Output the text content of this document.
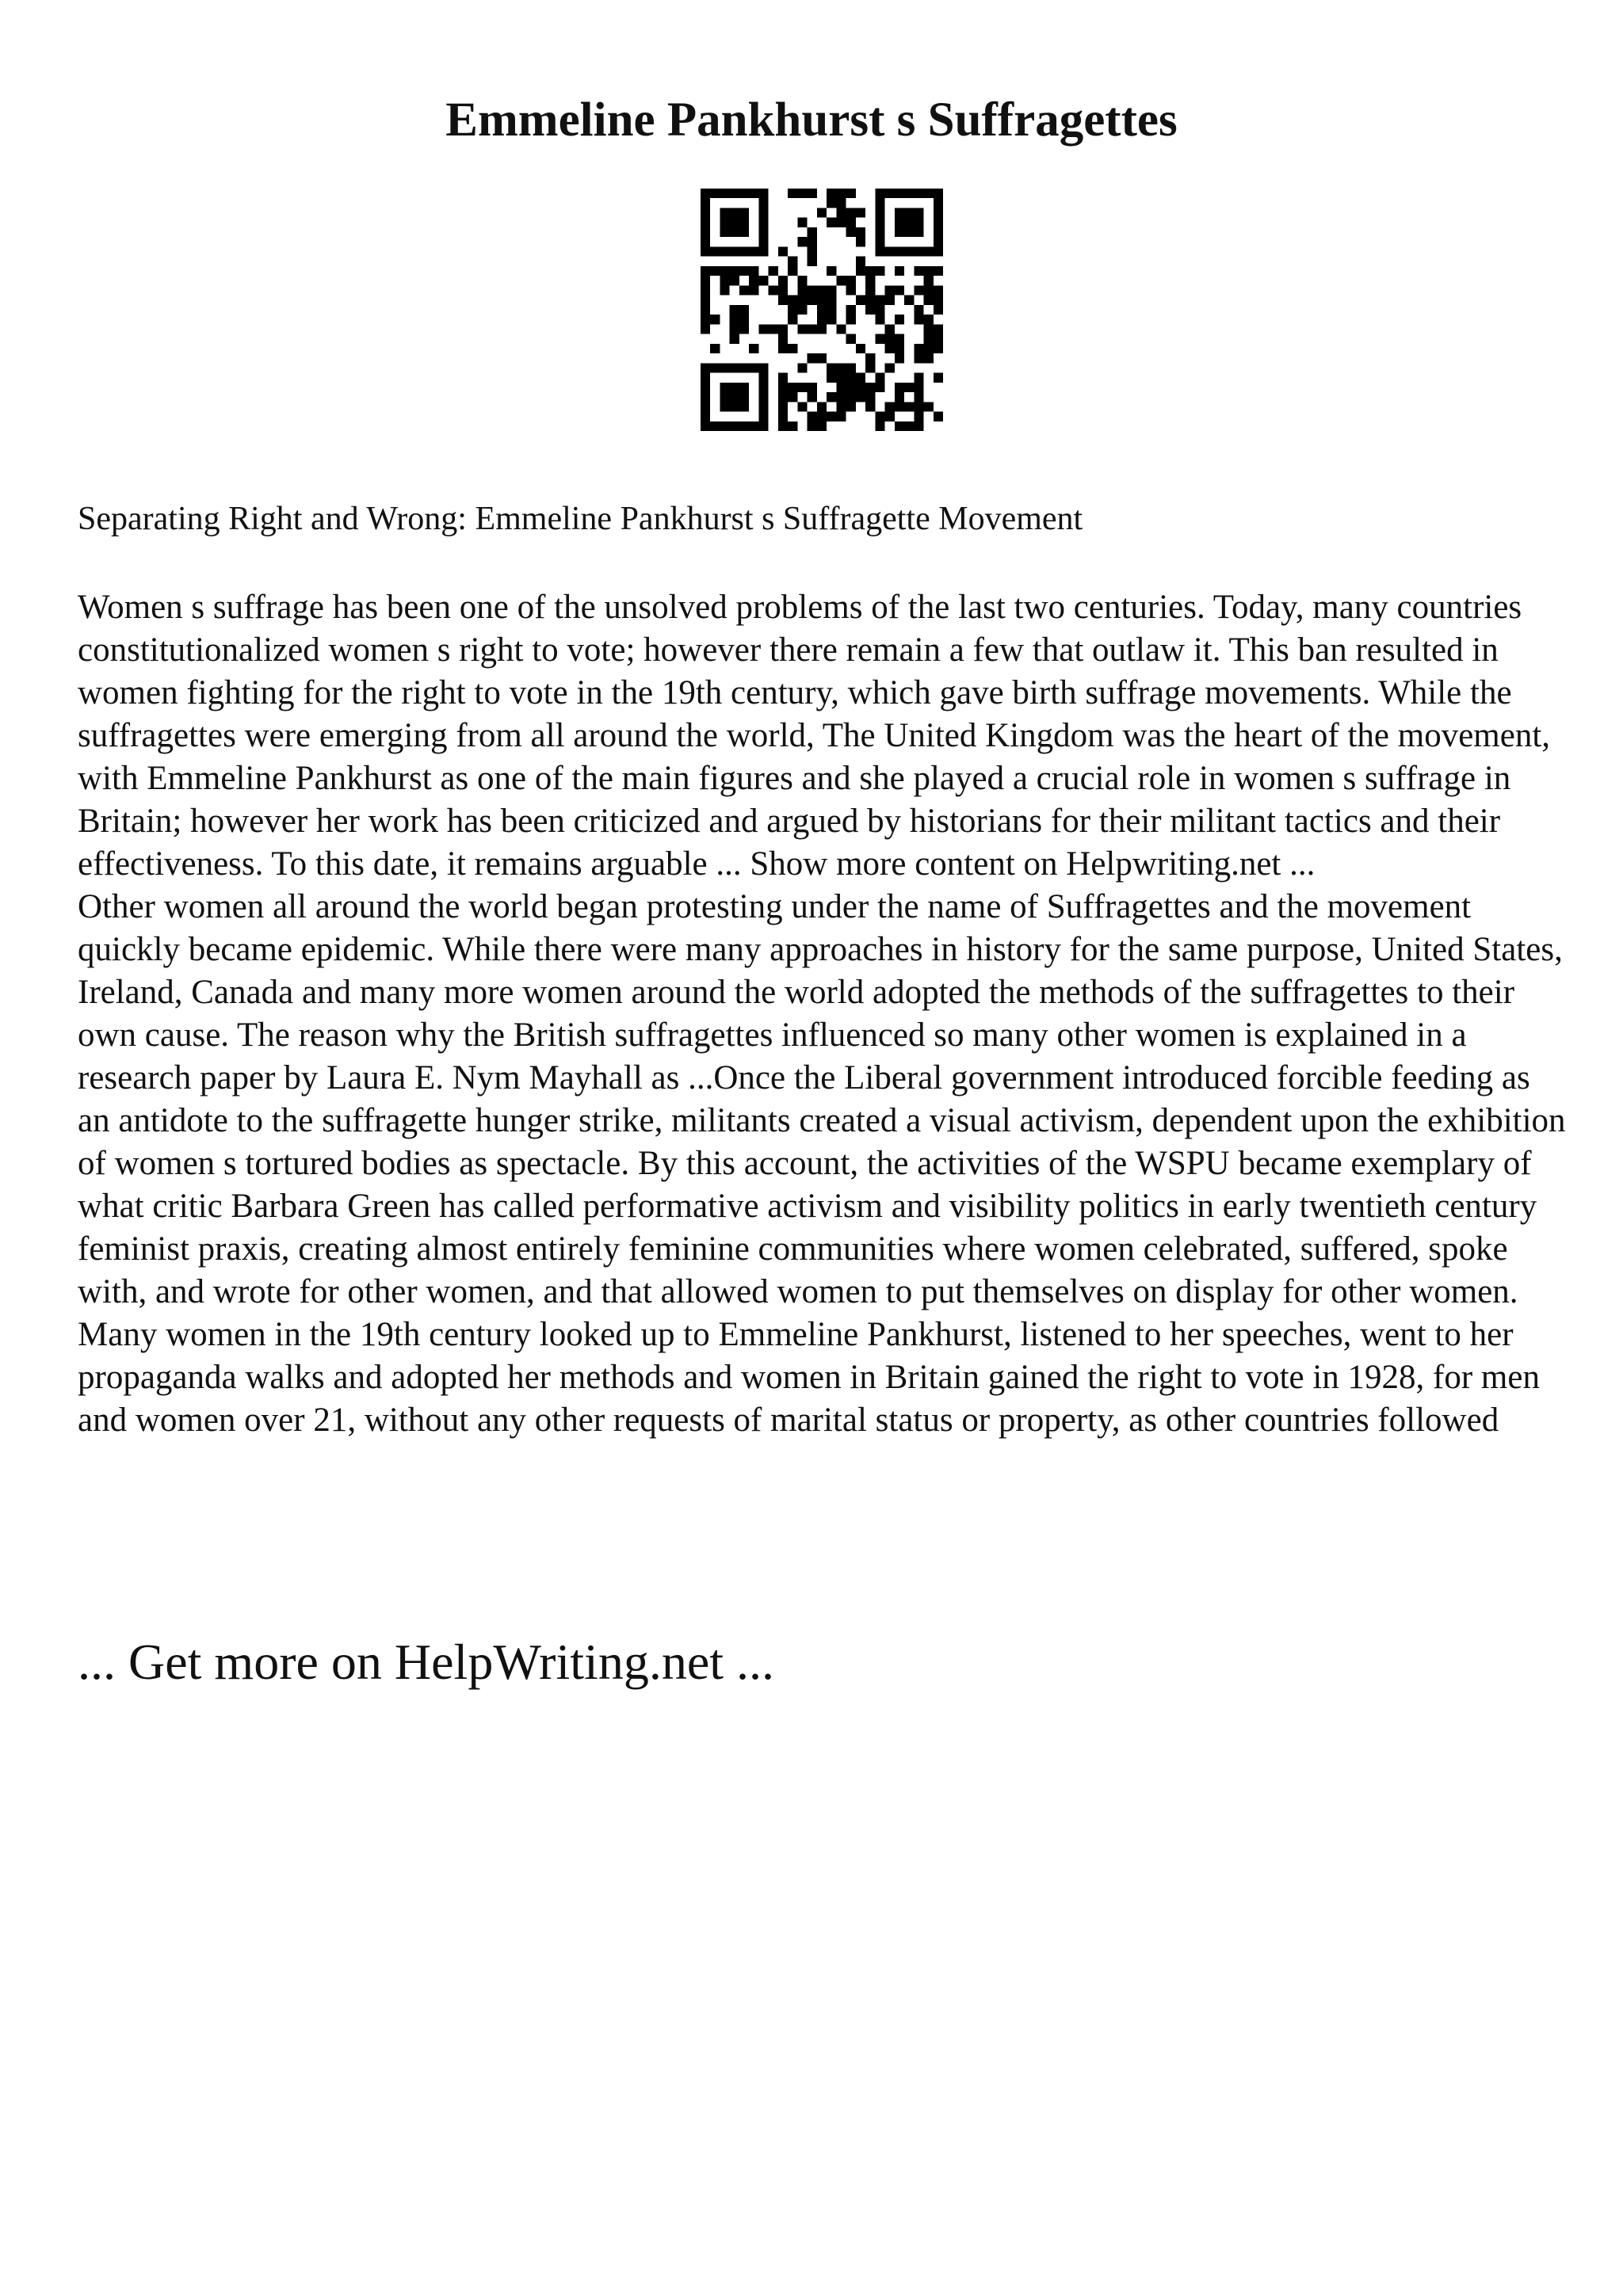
Emmeline Pankhurst s Suffragettes

Separating Right and Wrong: Emmeline Pankhurst s Suffragette Movement

Women s suffrage has been one of the unsolved problems of the last two centuries. Today, many countries constitutionalized women s right to vote; however there remain a few that outlaw it. This ban resulted in women fighting for the right to vote in the 19th century, which gave birth suffrage movements. While the suffragettes were emerging from all around the world, The United Kingdom was the heart of the movement, with Emmeline Pankhurst as one of the main figures and she played a crucial role in women s suffrage in Britain; however her work has been criticized and argued by historians for their militant tactics and their effectiveness. To this date, it remains arguable ... Show more content on Helpwriting.net ...

Other women all around the world began protesting under the name of Suffragettes and the movement quickly became epidemic. While there were many approaches in history for the same purpose, United States, Ireland, Canada and many more women around the world adopted the methods of the suffragettes to their own cause. The reason why the British suffragettes influenced so many other women is explained in a research paper by Laura E. Nym Mayhall as ...Once the Liberal government introduced forcible feeding as an antidote to the suffragette hunger strike, militants created a visual activism, dependent upon the exhibition of women s tortured bodies as spectacle. By this account, the activities of the WSPU became exemplary of what critic Barbara Green has called performative activism and visibility politics in early twentieth century feminist praxis, creating almost entirely feminine communities where women celebrated, suffered, spoke with, and wrote for other women, and that allowed women to put themselves on display for other women. Many women in the 19th century looked up to Emmeline Pankhurst, listened to her speeches, went to her propaganda walks and adopted her methods and women in Britain gained the right to vote in 1928, for men and women over 21, without any other requests of marital status or property, as other countries followed

... Get more on HelpWriting.net ...
